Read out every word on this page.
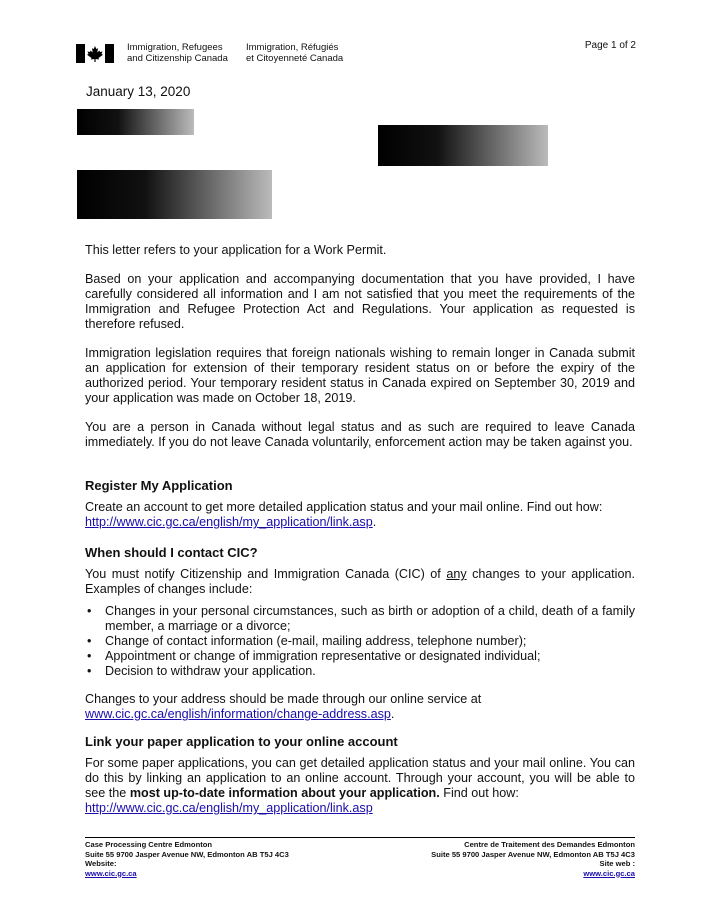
Immigration, Refugees
and Citizenship Canada
Immigration, Réfugiés
et Citoyenneté Canada
Page 1 of 2
January 13, 2020

This letter refers to your application for a Work Permit.

Based on your application and accompanying documentation that you have provided, I have carefully considered all information and I am not satisfied that you meet the requirements of the Immigration and Refugee Protection Act and Regulations. Your application as requested is therefore refused.

Immigration legislation requires that foreign nationals wishing to remain longer in Canada submit an application for extension of their temporary resident status on or before the expiry of the authorized period. Your temporary resident status in Canada expired on September 30, 2019 and your application was made on October 18, 2019.

You are a person in Canada without legal status and as such are required to leave Canada immediately. If you do not leave Canada voluntarily, enforcement action may be taken against you.

Register My Application

Create an account to get more detailed application status and your mail online. Find out how:
http://www.cic.gc.ca/english/my_application/link.asp.

When should I contact CIC?

You must notify Citizenship and Immigration Canada (CIC) of any changes to your application. Examples of changes include:

• Changes in your personal circumstances, such as birth or adoption of a child, death of a family member, a marriage or a divorce;
• Change of contact information (e-mail, mailing address, telephone number);
• Appointment or change of immigration representative or designated individual;
• Decision to withdraw your application.

Changes to your address should be made through our online service at
www.cic.gc.ca/english/information/change-address.asp.

Link your paper application to your online account

For some paper applications, you can get detailed application status and your mail online. You can do this by linking an application to an online account. Through your account, you will be able to see the most up-to-date information about your application. Find out how:
http://www.cic.gc.ca/english/my_application/link.asp

Case Processing Centre Edmonton
Suite 55 9700 Jasper Avenue NW, Edmonton AB T5J 4C3
Website:
www.cic.gc.ca
Centre de Traitement des Demandes Edmonton
Suite 55 9700 Jasper Avenue NW, Edmonton AB T5J 4C3
Site web :
www.cic.gc.ca
